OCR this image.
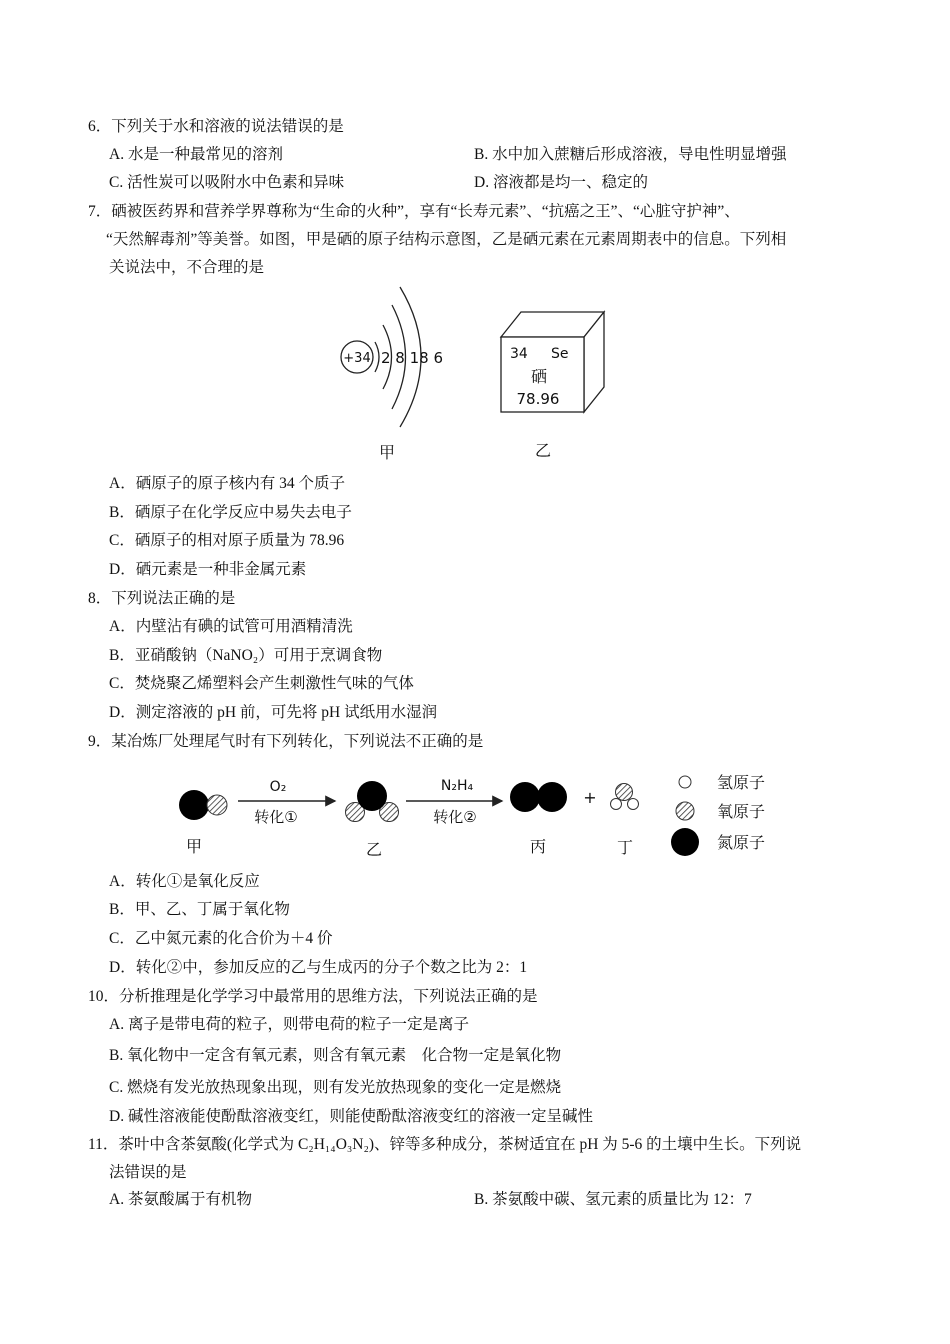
6．下列关于水和溶液的说法错误的是
A. 水是一种最常见的溶剂	B. 水中加入蔗糖后形成溶液，导电性明显增强
C. 活性炭可以吸附水中色素和异味	D. 溶液都是均一、稳定的
7．硒被医药界和营养学界尊称为“生命的火种”，享有“长寿元素”、“抗癌之王”、“心脏守护神”、
“天然解毒剂”等美誉。如图，甲是硒的原子结构示意图，乙是硒元素在元素周期表中的信息。下列相
关说法中，不合理的是
+34 2 8 18 6
甲
34 Se
硒
78.96
乙
A．硒原子的原子核内有 34 个质子
B．硒原子在化学反应中易失去电子
C．硒原子的相对原子质量为 78.96
D．硒元素是一种非金属元素
8．下列说法正确的是
A．内壁沾有碘的试管可用酒精清洗
B．亚硝酸钠（NaNO₂）可用于烹调食物
C．焚烧聚乙烯塑料会产生刺激性气味的气体
D．测定溶液的 pH 前，可先将 pH 试纸用水湿润
9．某冶炼厂处理尾气时有下列转化，下列说法不正确的是
甲
O₂
转化①
乙
N₂H₄
转化②
丙
+
丁
氢原子
氧原子
氮原子
A．转化①是氧化反应
B．甲、乙、丁属于氧化物
C．乙中氮元素的化合价为＋4 价
D．转化②中，参加反应的乙与生成丙的分子个数之比为 2：1
10．分析推理是化学学习中最常用的思维方法，下列说法正确的是
A. 离子是带电荷的粒子，则带电荷的粒子一定是离子
B. 氧化物中一定含有氧元素，则含有氧元素　化合物一定是氧化物
C. 燃烧有发光放热现象出现，则有发光放热现象的变化一定是燃烧
D. 碱性溶液能使酚酞溶液变红，则能使酚酞溶液变红的溶液一定呈碱性
11．茶叶中含茶氨酸(化学式为 C₂H₁₄O₃N₂)、锌等多种成分，茶树适宜在 pH 为 5-6 的土壤中生长。下列说
法错误的是
A. 茶氨酸属于有机物	B. 茶氨酸中碳、氢元素的质量比为 12：7
